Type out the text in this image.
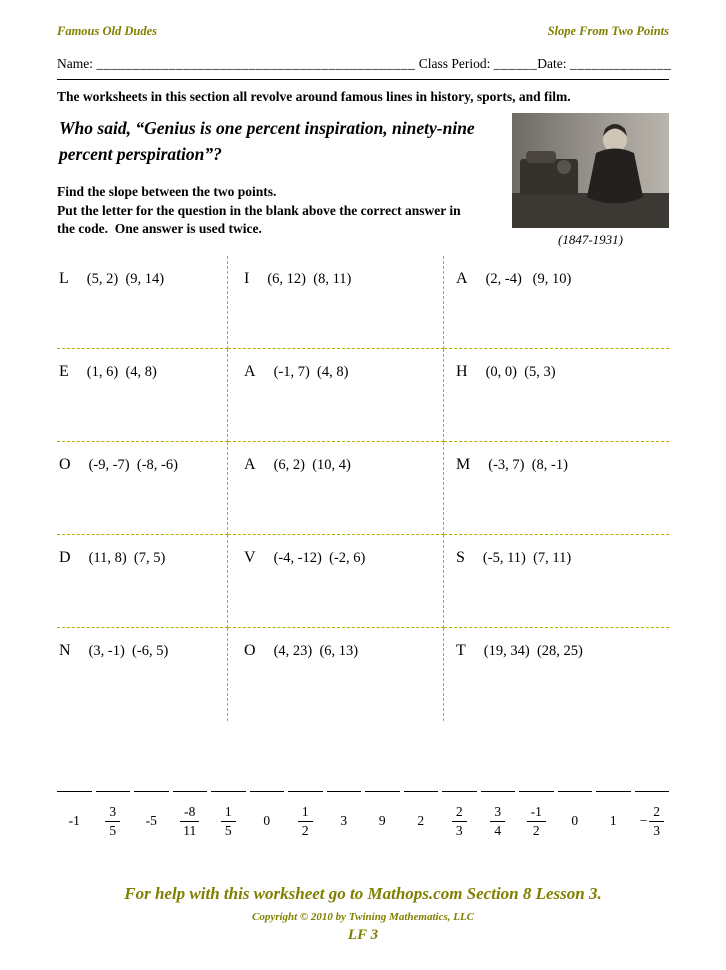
Famous Old Dudes	Slope From Two Points
Name: ____________________________________________ Class Period: ______Date: ______________

The worksheets in this section all revolve around famous lines in history, sports, and film.

Who said, “Genius is one percent inspiration, ninety-nine percent perspiration”?

Find the slope between the two points.

Put the letter for the question in the blank above the correct answer in the code.  One answer is used twice.

(1847-1931)
L (5, 2)  (9, 14)	I (6, 12)  (8, 11)	A (2, -4)   (9, 10)
E (1, 6)  (4, 8)	A (-1, 7)  (4, 8)	H (0, 0)  (5, 3)
O (-9, -7)  (-8, -6)	A (6, 2)  (10, 4)	M (-3, 7)  (8, -1)
D (11, 8)  (7, 5)	V (-4, -12)  (-2, 6)	S (-5, 11)  (7, 11)
N (3, -1)  (-6, 5)	O (4, 23)  (6, 13)	T (19, 34)  (28, 25)
$-1 \frac{3}{5} -5 \frac{-8}{11} \frac{1}{5} 0 \frac{1}{2} 3$ 9 $2 \frac{2}{3} \frac{3}{4} \frac{-1}{2} 0$ $1 - \frac{2}{3}$

For help with this worksheet go to Mathops.com Section 8 Lesson 3.

Copyright © 2010 by Twining Mathematics, LLC

LF 3
